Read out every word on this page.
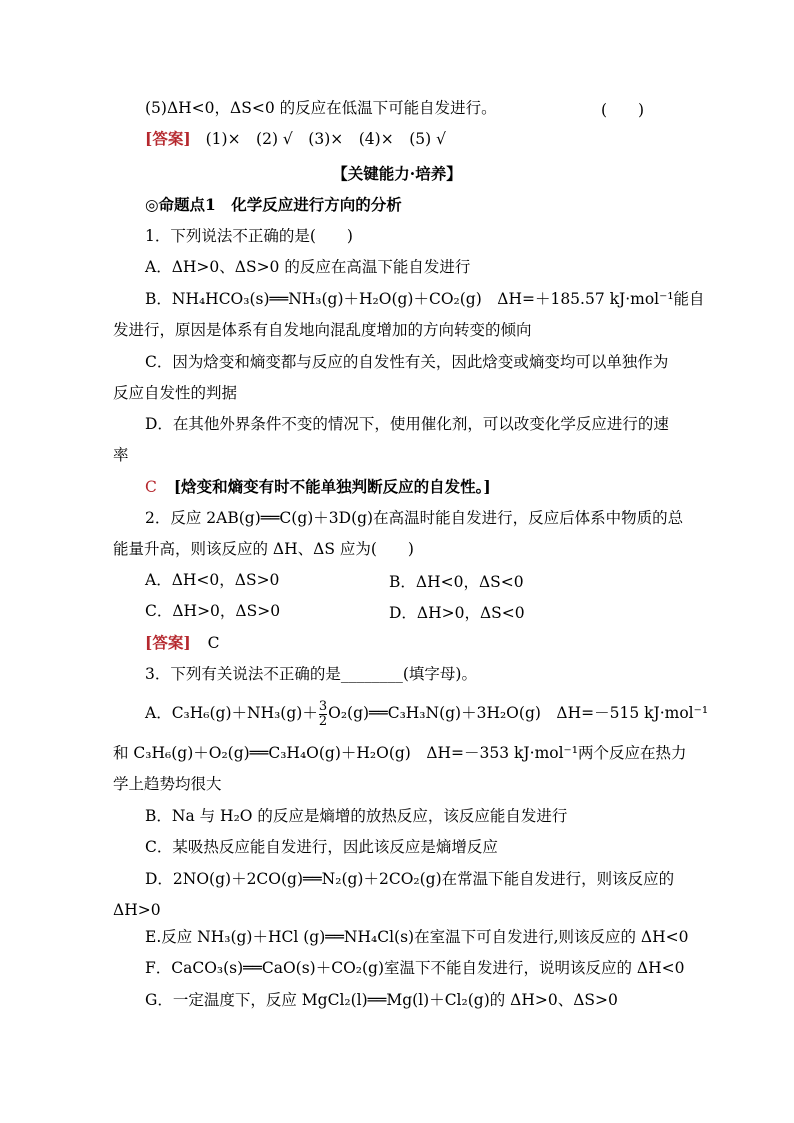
(5)ΔH<0，ΔS<0 的反应在低温下可能自发进行。	(　　)
[答案] (1)×　(2) √　(3)×　(4)×　(5) √
【关键能力·培养】
◎命题点1　化学反应进行方向的分析
1．下列说法不正确的是(　　)
A．ΔH>0、ΔS>0 的反应在高温下能自发进行
B．NH₄HCO₃(s)══NH₃(g)＋H₂O(g)＋CO₂(g)　ΔH=＋185.57 kJ·mol⁻¹能自
发进行，原因是体系有自发地向混乱度增加的方向转变的倾向
C．因为焓变和熵变都与反应的自发性有关，因此焓变或熵变均可以单独作为
反应自发性的判据
D．在其他外界条件不变的情况下，使用催化剂，可以改变化学反应进行的速
率
C [焓变和熵变有时不能单独判断反应的自发性。]
2．反应 2AB(g)══C(g)＋3D(g)在高温时能自发进行，反应后体系中物质的总
能量升高，则该反应的 ΔH、ΔS 应为(　　)
A．ΔH<0，ΔS>0	B．ΔH<0，ΔS<0
C．ΔH>0，ΔS>0	D．ΔH>0，ΔS<0
[答案] C
3．下列有关说法不正确的是________(填字母)。
A．$C_3H_6(g)+NH_3(g)+ \frac{3}{2}$ O₂(g)══C₃H₃N(g)＋3H₂O(g)　ΔH=－515 kJ·mol⁻¹
和 C₃H₆(g)＋O₂(g)══C₃H₄O(g)＋H₂O(g)　ΔH=－353 kJ·mol⁻¹两个反应在热力
学上趋势均很大
B．Na 与 H₂O 的反应是熵增的放热反应，该反应能自发进行
C．某吸热反应能自发进行，因此该反应是熵增反应
D．2NO(g)＋2CO(g)══N₂(g)＋2CO₂(g)在常温下能自发进行，则该反应的
ΔH>0
E.反应 NH₃(g)＋HCl (g)══NH₄Cl(s)在室温下可自发进行,则该反应的 ΔH<0
F．CaCO₃(s)══CaO(s)＋CO₂(g)室温下不能自发进行，说明该反应的 ΔH<0
G．一定温度下，反应 MgCl₂(l)══Mg(l)＋Cl₂(g)的 ΔH>0、ΔS>0
